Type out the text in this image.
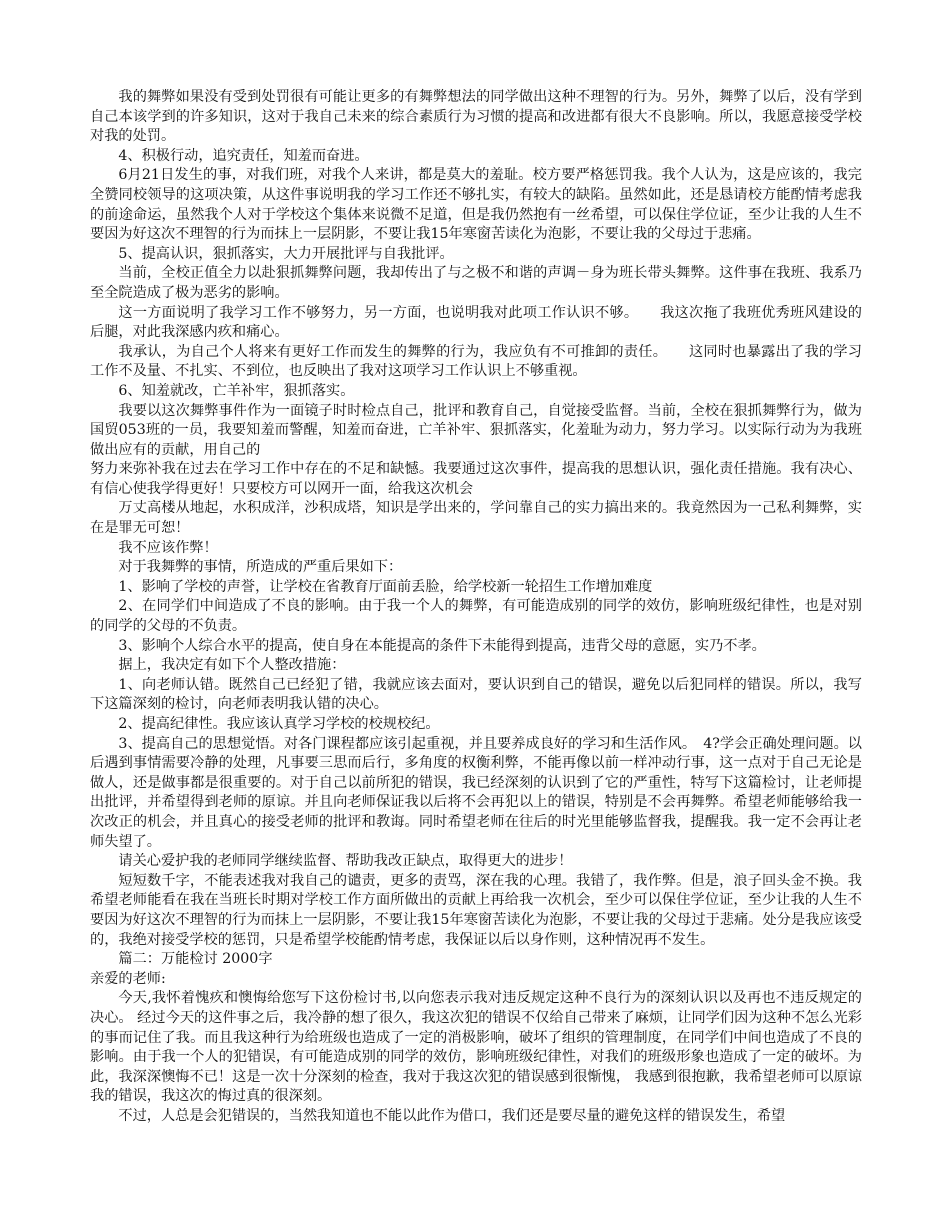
我的舞弊如果没有受到处罚很有可能让更多的有舞弊想法的同学做出这种不理智的行为。另外，舞弊了以后，没有学到自己本该学到的许多知识，这对于我自己未来的综合素质行为习惯的提高和改进都有很大不良影响。所以，我愿意接受学校对我的处罚。

4、积极行动，追究责任，知羞而奋进。

6月21日发生的事，对我们班，对我个人来讲，都是莫大的羞耻。校方要严格惩罚我。我个人认为，这是应该的，我完全赞同校领导的这项决策，从这件事说明我的学习工作还不够扎实，有较大的缺陷。虽然如此，还是恳请校方能酌情考虑我的前途命运，虽然我个人对于学校这个集体来说微不足道，但是我仍然抱有一丝希望，可以保住学位证，至少让我的人生不要因为好这次不理智的行为而抹上一层阴影，不要让我15年寒窗苦读化为泡影，不要让我的父母过于悲痛。

5、提高认识，狠抓落实，大力开展批评与自我批评。

当前，全校正值全力以赴狠抓舞弊问题，我却传出了与之极不和谐的声调－身为班长带头舞弊。这件事在我班、我系乃至全院造成了极为恶劣的影响。

这一方面说明了我学习工作不够努力，另一方面，也说明我对此项工作认识不够。　　我这次拖了我班优秀班风建设的后腿，对此我深感内疚和痛心。

我承认，为自己个人将来有更好工作而发生的舞弊的行为，我应负有不可推卸的责任。　　这同时也暴露出了我的学习工作不及量、不扎实、不到位，也反映出了我对这项学习工作认识上不够重视。

6、知羞就改，亡羊补牢，狠抓落实。

我要以这次舞弊事件作为一面镜子时时检点自己，批评和教育自己，自觉接受监督。当前，全校在狠抓舞弊行为，做为国贸053班的一员，我要知羞而警醒，知羞而奋进，亡羊补牢、狠抓落实，化羞耻为动力，努力学习。以实际行动为为我班做出应有的贡献，用自己的

努力来弥补我在过去在学习工作中存在的不足和缺憾。我要通过这次事件，提高我的思想认识，强化责任措施。我有决心、有信心使我学得更好！只要校方可以网开一面，给我这次机会

万丈高楼从地起，水积成洋，沙积成塔，知识是学出来的，学问靠自己的实力搞出来的。我竟然因为一己私利舞弊，实在是罪无可恕！

我不应该作弊！

对于我舞弊的事情，所造成的严重后果如下：

1、影响了学校的声誉，让学校在省教育厅面前丢脸，给学校新一轮招生工作增加难度

2、在同学们中间造成了不良的影响。由于我一个人的舞弊，有可能造成别的同学的效仿，影响班级纪律性，也是对别的同学的父母的不负责。

3、影响个人综合水平的提高，使自身在本能提高的条件下未能得到提高，违背父母的意愿，实乃不孝。

据上，我决定有如下个人整改措施：

1、向老师认错。既然自己已经犯了错，我就应该去面对，要认识到自己的错误，避免以后犯同样的错误。所以，我写下这篇深刻的检讨，向老师表明我认错的决心。

2、提高纪律性。我应该认真学习学校的校规校纪。

3、提高自己的思想觉悟。对各门课程都应该引起重视，并且要养成良好的学习和生活作风。　4?学会正确处理问题。以后遇到事情需要冷静的处理，凡事要三思而后行，多角度的权衡利弊，不能再像以前一样冲动行事，这一点对于自己无论是做人，还是做事都是很重要的。对于自己以前所犯的错误，我已经深刻的认识到了它的严重性，特写下这篇检讨，让老师提出批评，并希望得到老师的原谅。并且向老师保证我以后将不会再犯以上的错误，特别是不会再舞弊。希望老师能够给我一次改正的机会，并且真心的接受老师的批评和教诲。同时希望老师在往后的时光里能够监督我，提醒我。我一定不会再让老师失望了。

请关心爱护我的老师同学继续监督、帮助我改正缺点，取得更大的进步！

短短数千字，不能表述我对我自己的谴责，更多的责骂，深在我的心理。我错了，我作弊。但是，浪子回头金不换。我希望老师能看在我在当班长时期对学校工作方面所做出的贡献上再给我一次机会，至少可以保住学位证，至少让我的人生不要因为好这次不理智的行为而抹上一层阴影，不要让我15年寒窗苦读化为泡影，不要让我的父母过于悲痛。处分是我应该受的，我绝对接受学校的惩罚，只是希望学校能酌情考虑，我保证以后以身作则，这种情况再不发生。

篇二：万能检讨 2000字

亲爱的老师:

今天,我怀着愧疚和懊悔给您写下这份检讨书,以向您表示我对违反规定这种不良行为的深刻认识以及再也不违反规定的决心。 经过今天的这件事之后，我冷静的想了很久，我这次犯的错误不仅给自己带来了麻烦，让同学们因为这种不怎么光彩的事而记住了我。而且我这种行为给班级也造成了一定的消极影响，破坏了组织的管理制度，在同学们中间也造成了不良的影响。由于我一个人的犯错误，有可能造成别的同学的效仿，影响班级纪律性，对我们的班级形象也造成了一定的破坏。为此，我深深懊悔不已！这是一次十分深刻的检查，我对于我这次犯的错误感到很惭愧， 我感到很抱歉，我希望老师可以原谅我的错误，我这次的悔过真的很深刻。

不过，人总是会犯错误的，当然我知道也不能以此作为借口，我们还是要尽量的避免这样的错误发生，希望
